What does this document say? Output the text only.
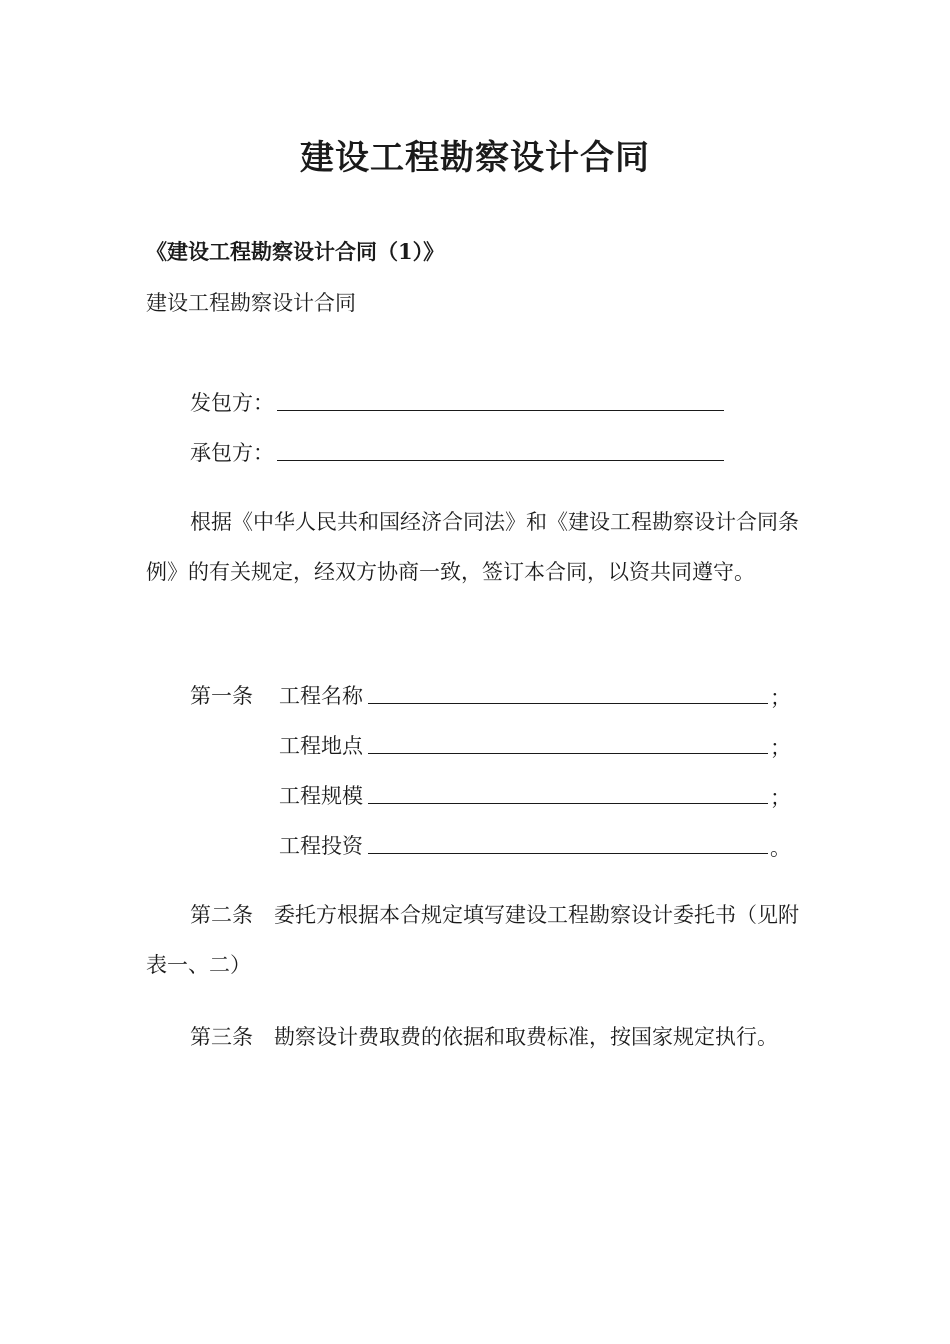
建设工程勘察设计合同
《建设工程勘察设计合同（1）》
建设工程勘察设计合同
发包方：
承包方：
根据《中华人民共和国经济合同法》和《建设工程勘察设计合同条例》的有关规定，经双方协商一致，签订本合同，以资共同遵守。
第一条 工程名称	；
工程地点	；
工程规模	；
工程投资	。
第二条　委托方根据本合规定填写建设工程勘察设计委托书（见附表一、二）
第三条　勘察设计费取费的依据和取费标准，按国家规定执行。
